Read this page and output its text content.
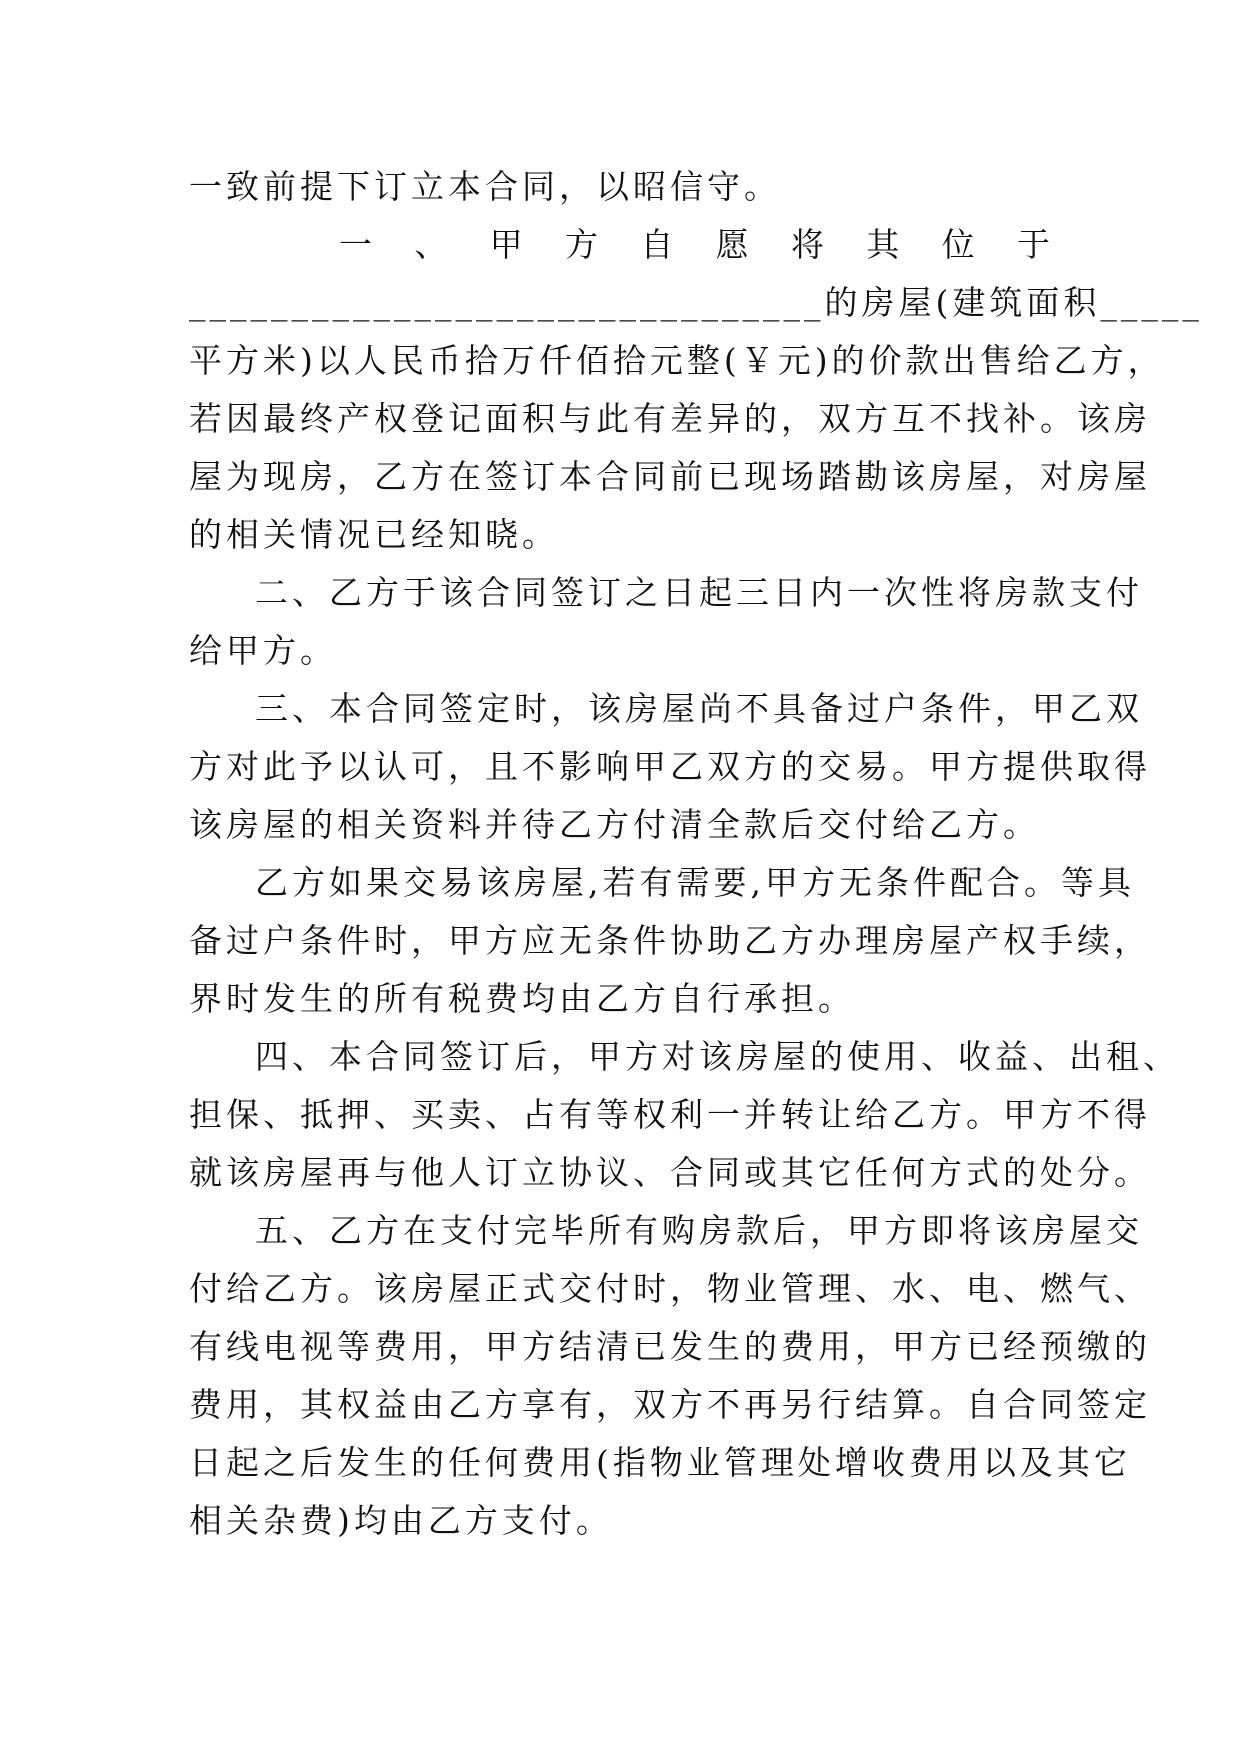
一致前提下订立本合同，以昭信守。
一 、 甲 方 自 愿 将 其 位 于
_______________________________的房屋(建筑面积_____
平方米)以人民币拾万仟佰拾元整(￥元)的价款出售给乙方，
若因最终产权登记面积与此有差异的，双方互不找补。该房
屋为现房，乙方在签订本合同前已现场踏勘该房屋，对房屋
的相关情况已经知晓。
二、乙方于该合同签订之日起三日内一次性将房款支付
给甲方。
三、本合同签定时，该房屋尚不具备过户条件，甲乙双
方对此予以认可，且不影响甲乙双方的交易。甲方提供取得
该房屋的相关资料并待乙方付清全款后交付给乙方。
乙方如果交易该房屋,若有需要,甲方无条件配合。等具
备过户条件时，甲方应无条件协助乙方办理房屋产权手续，
界时发生的所有税费均由乙方自行承担。
四、本合同签订后，甲方对该房屋的使用、收益、出租、
担保、抵押、买卖、占有等权利一并转让给乙方。甲方不得
就该房屋再与他人订立协议、合同或其它任何方式的处分。
五、乙方在支付完毕所有购房款后，甲方即将该房屋交
付给乙方。该房屋正式交付时，物业管理、水、电、燃气、
有线电视等费用，甲方结清已发生的费用，甲方已经预缴的
费用，其权益由乙方享有，双方不再另行结算。自合同签定
日起之后发生的任何费用(指物业管理处增收费用以及其它
相关杂费)均由乙方支付。
